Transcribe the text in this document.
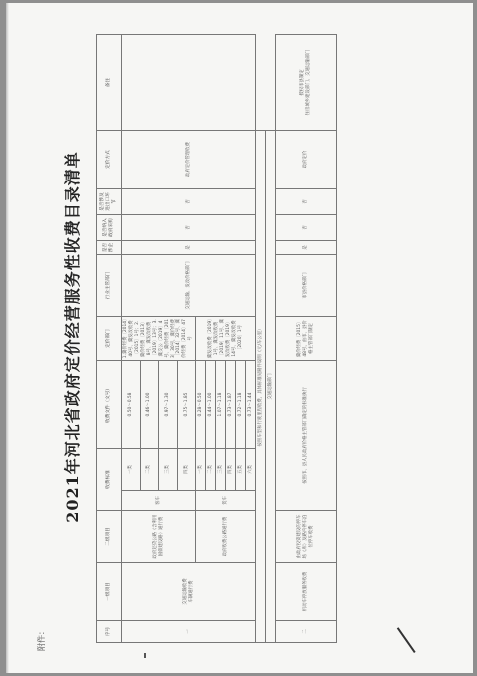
附件：
2021年河北省政府定价经营服务性收费目录清单
序号	一级项目	二级项目	收费标准		收费文件（文号）	定价部门	行业主管部门	是否涉企	是否纳入政府采购	是否涉及进出口环节	定价方式	备注
一	交通运输收费
车辆通行费	政府还贷公路（含利用国债建设路）通行费	客车	一类	0.50～0.58	1.冀价经费〔2014〕40号、冀发改收费〔2015〕1号；2.冀价经费〔2013〕8号、冀发改收费〔2019〕13号；3.冀交公〔2019〕4号、冀价经费〔2013〕30号，冀价经费〔2014〕32号、冀价经费〔2014〕47号	交通运输、发改价格部门	是	否	否	政府定价管理收费	
				二类	0.46～1.00							
				三类	0.97～1.30							
				四类	0.75～1.85							
		政府收费公路通行费	货车	一类	0.28～0.50	冀发改收费〔2019〕1号、冀发改收费〔2019〕11号、冀发改收费〔2019〕14号、冀发改收费〔2020〕1号						
				二类	0.44～1.00							
				三类	1.07～1.18							
				四类	0.73～1.87							
				五类	0.72～1.18							
				六类	0.73～1.44							
按照车型和行驶里程收费，具体标准见附件说明（元/车公里）												
交通运输部门												
二	机动车停放服务收费	由政府投资建设的停车场（库）及路内停车泊位停车收费	按照市、县人民政府价格主管部门确定的标准执行			冀价经费〔2015〕48号，由市、县价格主管部门制定	市县价格部门	是	否	否	政府定价	授权市县制定
住房城乡建设部门、交通运输部门
